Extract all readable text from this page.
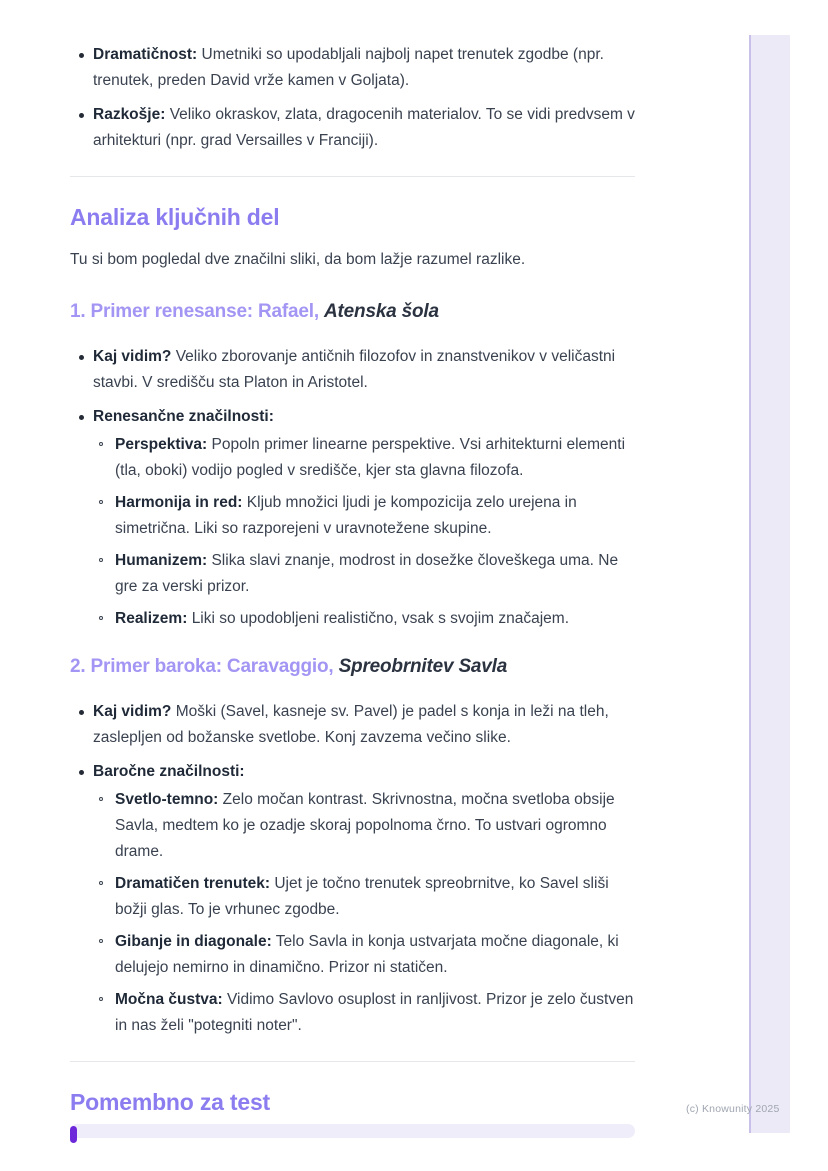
Dramatičnost: Umetniki so upodabljali najbolj napet trenutek zgodbe (npr. trenutek, preden David vrže kamen v Goljata).
Razkošje: Veliko okraskov, zlata, dragocenih materialov. To se vidi predvsem v arhitekturi (npr. grad Versailles v Franciji).
Analiza ključnih del

Tu si bom pogledal dve značilni sliki, da bom lažje razumel razlike.

1. Primer renesanse: Rafael, Atenska šola
Kaj vidim? Veliko zborovanje antičnih filozofov in znanstvenikov v veličastni stavbi. V središču sta Platon in Aristotel.
Renesančne značilnosti:
Perspektiva: Popoln primer linearne perspektive. Vsi arhitekturni elementi (tla, oboki) vodijo pogled v središče, kjer sta glavna filozofa.
Harmonija in red: Kljub množici ljudi je kompozicija zelo urejena in simetrična. Liki so razporejeni v uravnotežene skupine.
Humanizem: Slika slavi znanje, modrost in dosežke človeškega uma. Ne gre za verski prizor.
Realizem: Liki so upodobljeni realistično, vsak s svojim značajem.
2. Primer baroka: Caravaggio, Spreobrnitev Savla
Kaj vidim? Moški (Savel, kasneje sv. Pavel) je padel s konja in leži na tleh, zaslepljen od božanske svetlobe. Konj zavzema večino slike.
Baročne značilnosti:
Svetlo-temno: Zelo močan kontrast. Skrivnostna, močna svetloba obsije Savla, medtem ko je ozadje skoraj popolnoma črno. To ustvari ogromno drame.
Dramatičen trenutek: Ujet je točno trenutek spreobrnitve, ko Savel sliši božji glas. To je vrhunec zgodbe.
Gibanje in diagonale: Telo Savla in konja ustvarjata močne diagonale, ki delujejo nemirno in dinamično. Prizor ni statičen.
Močna čustva: Vidimo Savlovo osuplost in ranljivost. Prizor je zelo čustven in nas želi "potegniti noter".
Pomembno za test	(c) Knowunity 2025
